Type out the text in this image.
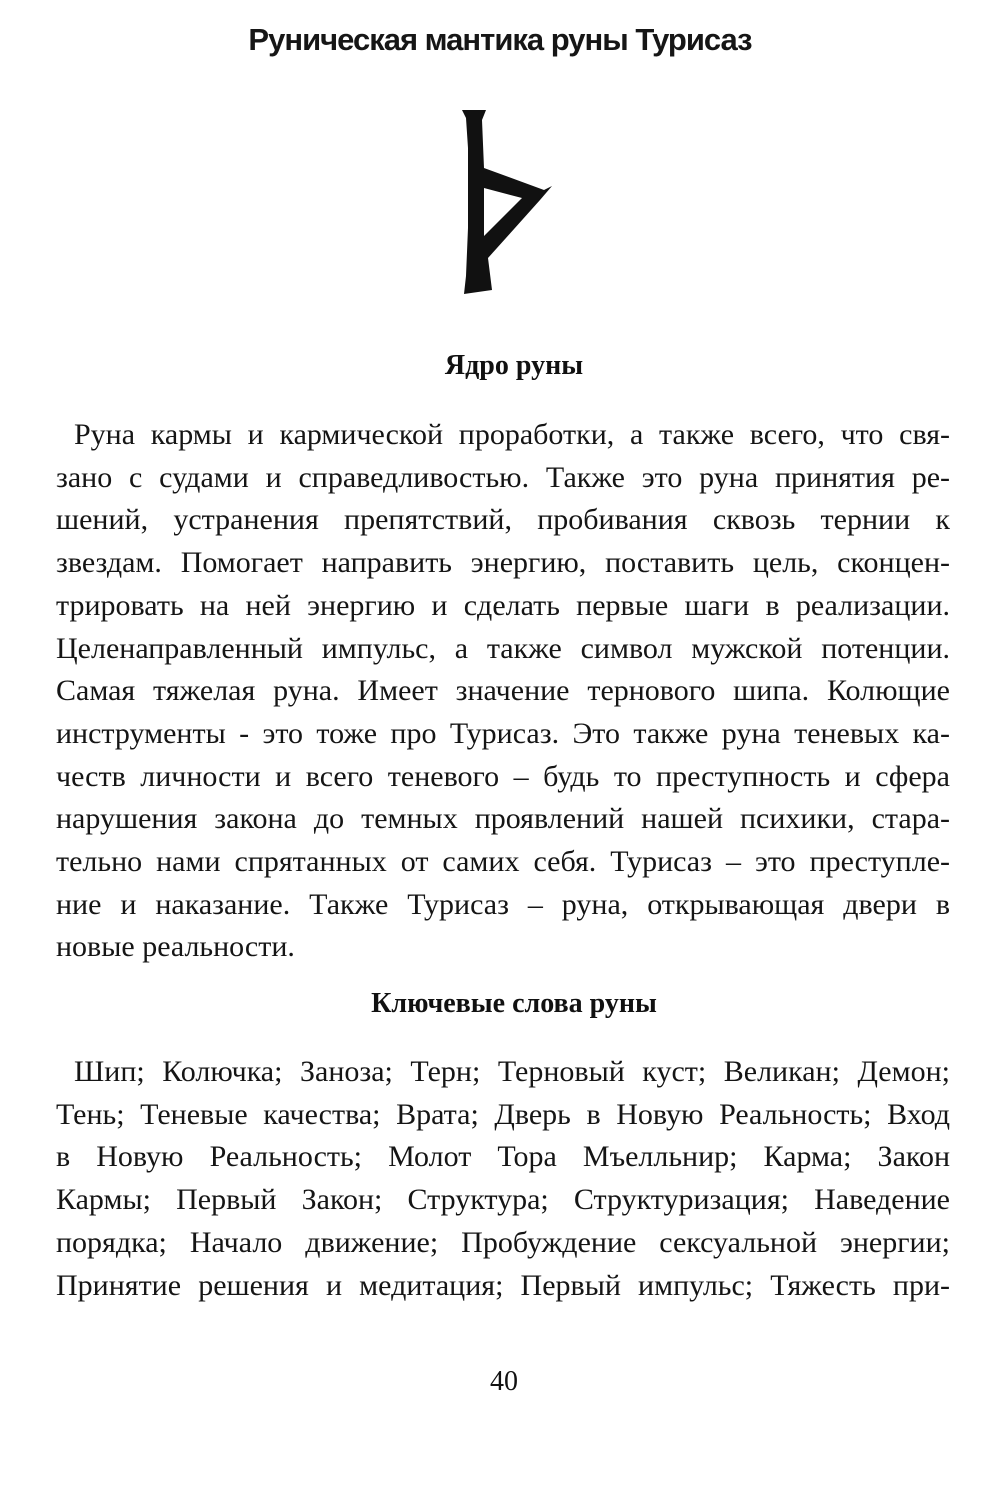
Руническая мантика руны Турисаз
Ядро руны
Руна кармы и кармической проработки, а также всего, что свя-
зано с судами и справедливостью. Также это руна принятия ре-
шений, устранения препятствий, пробивания сквозь тернии к
звездам. Помогает направить энергию, поставить цель, сконцен-
трировать на ней энергию и сделать первые шаги в реализации.
Целенаправленный импульс, а также символ мужской потенции.
Самая тяжелая руна. Имеет значение тернового шипа. Колющие
инструменты - это тоже про Турисаз. Это также руна теневых ка-
честв личности и всего теневого – будь то преступность и сфера
нарушения закона до темных проявлений нашей психики, стара-
тельно нами спрятанных от самих себя. Турисаз – это преступле-
ние и наказание. Также Турисаз – руна, открывающая двери в
новые реальности.
Ключевые слова руны
Шип; Колючка; Заноза; Терн; Терновый куст; Великан; Демон;
Тень; Теневые качества; Врата; Дверь в Новую Реальность; Вход
в Новую Реальность; Молот Тора Мъелльнир; Карма; Закон
Кармы; Первый Закон; Структура; Структуризация; Наведение
порядка; Начало движение; Пробуждение сексуальной энергии;
Принятие решения и медитация; Первый импульс; Тяжесть при-
40
